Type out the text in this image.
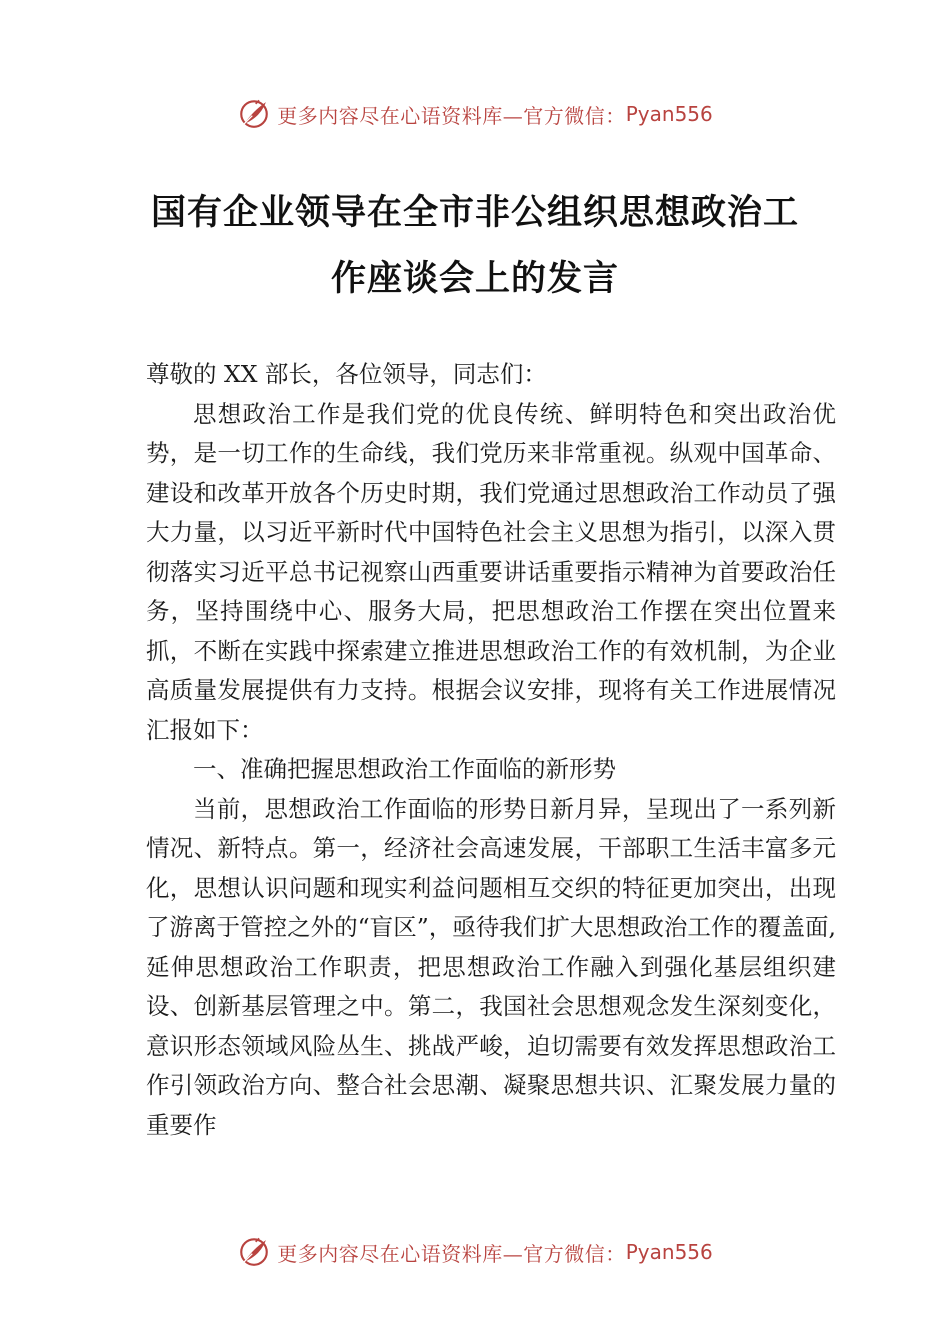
更多内容尽在心语资料库—官方微信： Pyan556
国有企业领导在全市非公组织思想政治工
作座谈会上的发言

尊敬的 XX 部长，各位领导，同志们：

思想政治工作是我们党的优良传统、鲜明特色和突出政治优势，是一切工作的生命线，我们党历来非常重视。纵观中国革命、建设和改革开放各个历史时期，我们党通过思想政治工作动员了强大力量，以习近平新时代中国特色社会主义思想为指引，以深入贯彻落实习近平总书记视察山西重要讲话重要指示精神为首要政治任务，坚持围绕中心、服务大局，把思想政治工作摆在突出位置来抓，不断在实践中探索建立推进思想政治工作的有效机制，为企业高质量发展提供有力支持。根据会议安排，现将有关工作进展情况汇报如下：

一、准确把握思想政治工作面临的新形势

当前，思想政治工作面临的形势日新月异，呈现出了一系列新情况、新特点。第一，经济社会高速发展，干部职工生活丰富多元化，思想认识问题和现实利益问题相互交织的特征更加突出，出现了游离于管控之外的“盲区”，亟待我们扩大思想政治工作的覆盖面,延伸思想政治工作职责，把思想政治工作融入到强化基层组织建设、创新基层管理之中。第二，我国社会思想观念发生深刻变化，意识形态领域风险丛生、挑战严峻，迫切需要有效发挥思想政治工作引领政治方向、整合社会思潮、凝聚思想共识、汇聚发展力量的重要作

更多内容尽在心语资料库—官方微信： Pyan556
